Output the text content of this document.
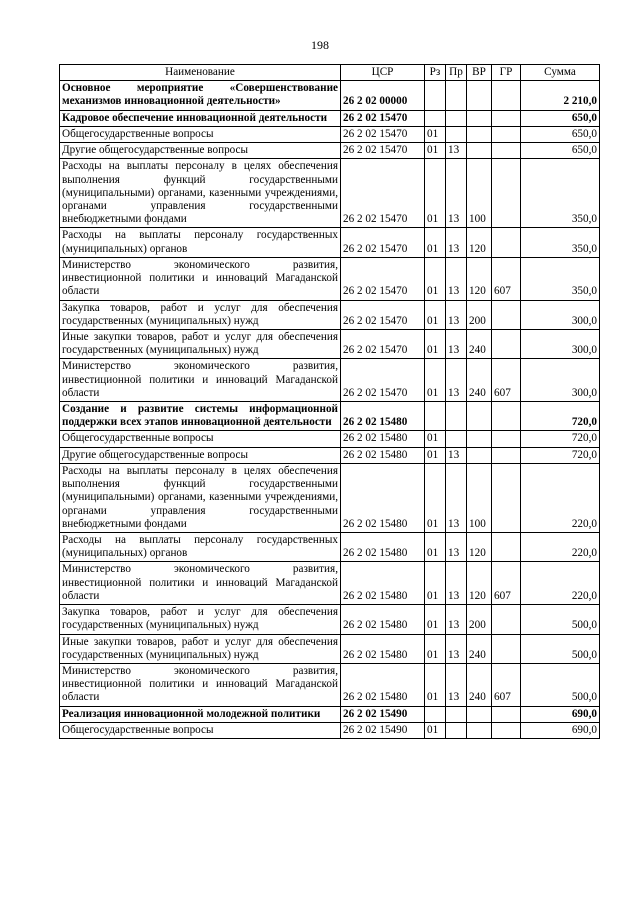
198
Наименование	ЦСР	Рз	Пр	ВР	ГР	Сумма
Основное мероприятие «Совершенствование механизмов инновационной деятельности»	26 2 02 00000					2 210,0
Кадровое обеспечение инновационной деятельности	26 2 02 15470					650,0
Общегосударственные вопросы	26 2 02 15470	01				650,0
Другие общегосударственные вопросы	26 2 02 15470	01	13			650,0
Расходы на выплаты персоналу в целях обеспечения выполнения функций государственными (муниципальными) органами, казенными учреждениями, органами управления государственными внебюджетными фондами	26 2 02 15470	01	13	100		350,0
Расходы на выплаты персоналу государственных (муниципальных) органов	26 2 02 15470	01	13	120		350,0
Министерство экономического развития, инвестиционной политики и инноваций Магаданской области	26 2 02 15470	01	13	120	607	350,0
Закупка товаров, работ и услуг для обеспечения государственных (муниципальных) нужд	26 2 02 15470	01	13	200		300,0
Иные закупки товаров, работ и услуг для обеспечения государственных (муниципальных) нужд	26 2 02 15470	01	13	240		300,0
Министерство экономического развития, инвестиционной политики и инноваций Магаданской области	26 2 02 15470	01	13	240	607	300,0
Создание и развитие системы информационной поддержки всех этапов инновационной деятельности	26 2 02 15480					720,0
Общегосударственные вопросы	26 2 02 15480	01				720,0
Другие общегосударственные вопросы	26 2 02 15480	01	13			720,0
Расходы на выплаты персоналу в целях обеспечения выполнения функций государственными (муниципальными) органами, казенными учреждениями, органами управления государственными внебюджетными фондами	26 2 02 15480	01	13	100		220,0
Расходы на выплаты персоналу государственных (муниципальных) органов	26 2 02 15480	01	13	120		220,0
Министерство экономического развития, инвестиционной политики и инноваций Магаданской области	26 2 02 15480	01	13	120	607	220,0
Закупка товаров, работ и услуг для обеспечения государственных (муниципальных) нужд	26 2 02 15480	01	13	200		500,0
Иные закупки товаров, работ и услуг для обеспечения государственных (муниципальных) нужд	26 2 02 15480	01	13	240		500,0
Министерство экономического развития, инвестиционной политики и инноваций Магаданской области	26 2 02 15480	01	13	240	607	500,0
Реализация инновационной молодежной политики	26 2 02 15490					690,0
Общегосударственные вопросы	26 2 02 15490	01				690,0
